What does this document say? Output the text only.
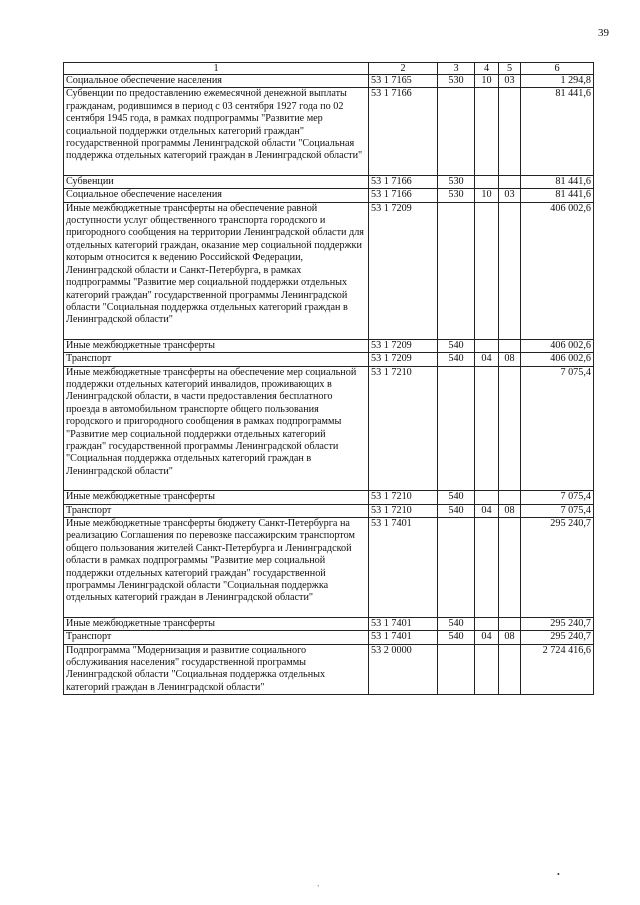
39
1	2	3	4	5	6
Социальное обеспечение населения	53 1 7165	530	10	03	1 294,8
Субвенции по предоставлению ежемесячной денежной выплаты гражданам, родившимся в период с 03 сентября 1927 года по 02 сентября 1945 года, в рамках подпрограммы "Развитие мер социальной поддержки отдельных категорий граждан" государственной программы Ленинградской области "Социальная поддержка отдельных категорий граждан в Ленинградской области"	53 1 7166				81 441,6
Субвенции	53 1 7166	530			81 441,6
Социальное обеспечение населения	53 1 7166	530	10	03	81 441,6
Иные межбюджетные трансферты на обеспечение равной доступности услуг общественного транспорта городского и пригородного сообщения на территории Ленинградской области для отдельных категорий граждан, оказание мер социальной поддержки которым относится к ведению Российской Федерации, Ленинградской области и Санкт-Петербурга, в рамках подпрограммы "Развитие мер социальной поддержки отдельных категорий граждан" государственной программы Ленинградской области "Социальная поддержка отдельных категорий граждан в Ленинградской области"	53 1 7209				406 002,6
Иные межбюджетные трансферты	53 1 7209	540			406 002,6
Транспорт	53 1 7209	540	04	08	406 002,6
Иные межбюджетные трансферты на обеспечение мер социальной поддержки отдельных категорий инвалидов, проживающих в Ленинградской области, в части предоставления бесплатного проезда в автомобильном транспорте общего пользования городского и пригородного сообщения в рамках подпрограммы "Развитие мер социальной поддержки отдельных категорий граждан" государственной программы Ленинградской области "Социальная поддержка отдельных категорий граждан в Ленинградской области"	53 1 7210				7 075,4
Иные межбюджетные трансферты	53 1 7210	540			7 075,4
Транспорт	53 1 7210	540	04	08	7 075,4
Иные межбюджетные трансферты бюджету Санкт-Петербурга на реализацию Соглашения по перевозке пассажирским транспортом общего пользования жителей Санкт-Петербурга и Ленинградской области в рамках подпрограммы "Развитие мер социальной поддержки отдельных категорий граждан" государственной программы Ленинградской области "Социальная поддержка отдельных категорий граждан в Ленинградской области"	53 1 7401				295 240,7
Иные межбюджетные трансферты	53 1 7401	540			295 240,7
Транспорт	53 1 7401	540	04	08	295 240,7
Подпрограмма "Модернизация и развитие социального обслуживания населения" государственной программы Ленинградской области "Социальная поддержка отдельных категорий граждан в Ленинградской области"	53 2 0000				2 724 416,6
ˋ
•
